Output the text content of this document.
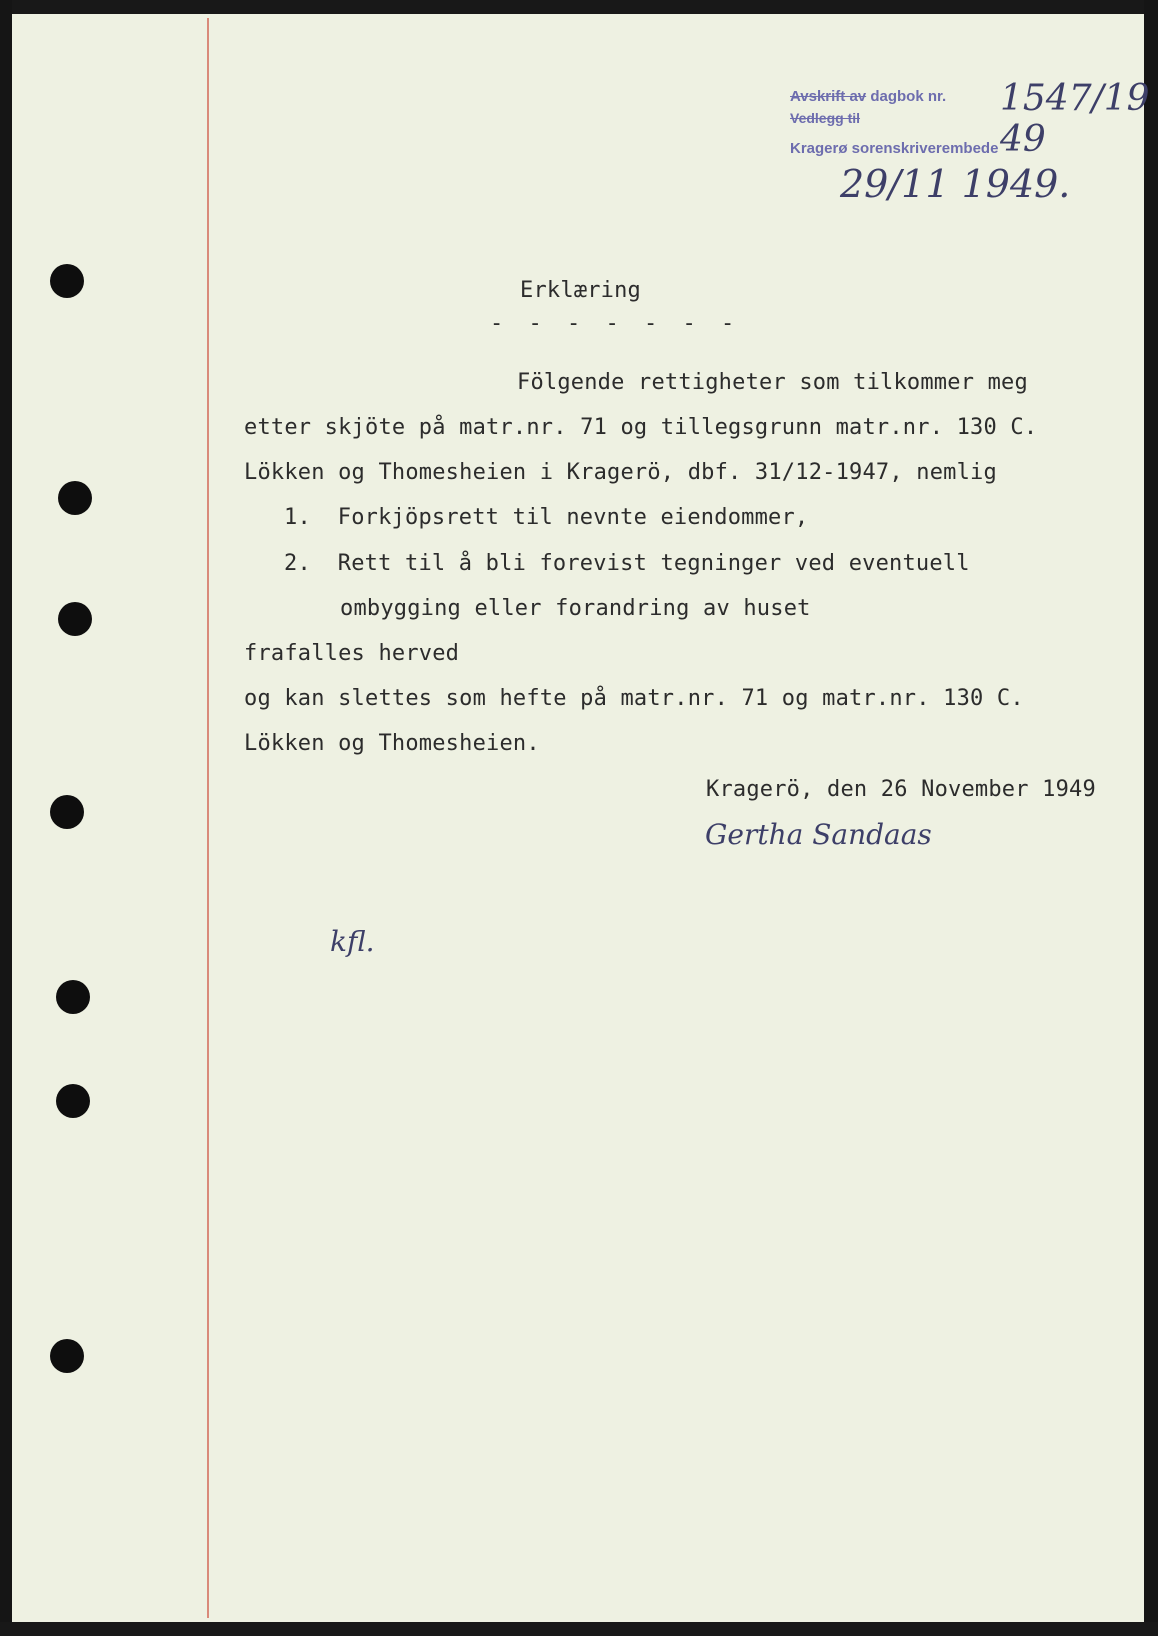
Avskrift av dagbok nr.
Vedlegg til
Kragerø sorenskriverembede
1547/19 49
29/11 1949.
Erklæring
- - - - - - -
Fölgende rettigheter som tilkommer meg
etter skjöte på matr.nr. 71 og tillegsgrunn matr.nr. 130 C.
Lökken og Thomesheien i Kragerö, dbf. 31/12-1947, nemlig
1.  Forkjöpsrett til nevnte eiendommer,
2.  Rett til å bli forevist tegninger ved eventuell
ombygging eller forandring av huset
frafalles herved
og kan slettes som hefte på matr.nr. 71 og matr.nr. 130 C.
Lökken og Thomesheien.
Kragerö, den 26 November 1949
Gertha Sandaas
kfl.
